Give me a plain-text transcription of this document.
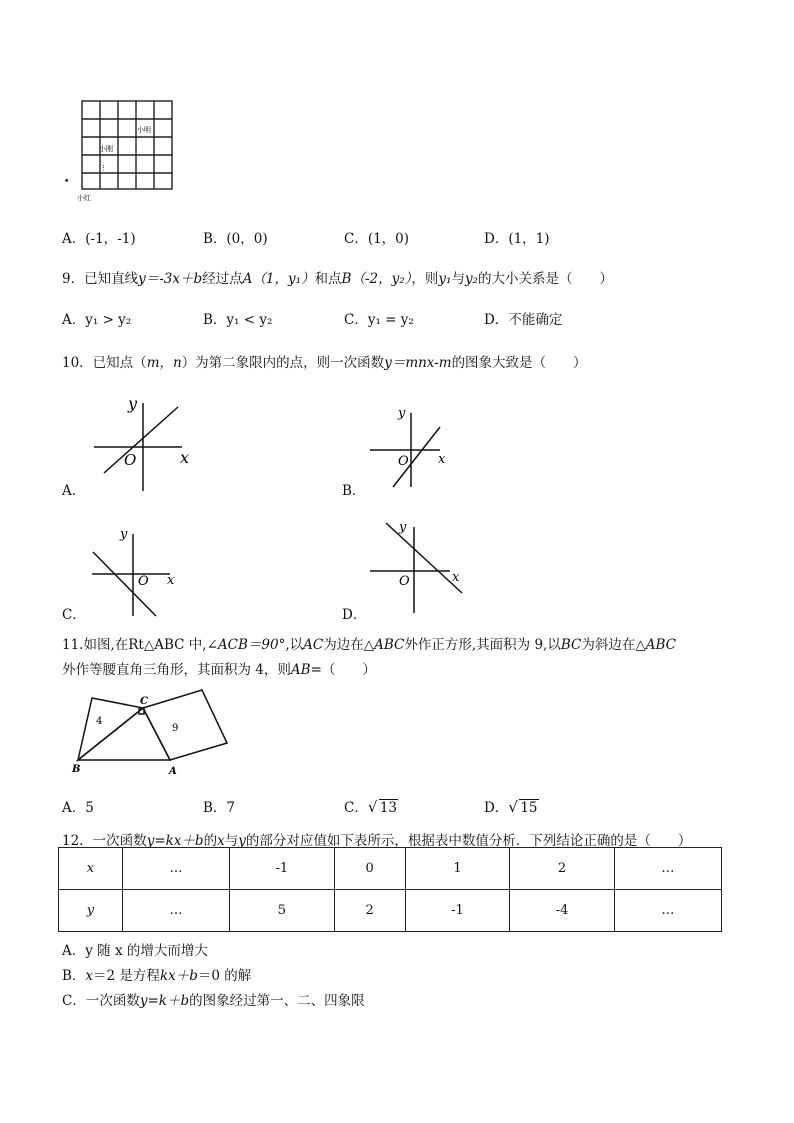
小明
小刚
小红
⋮
•
A．(-1，-1)	B．(0，0)	C．(1，0)	D．(1，1)
9．已知直线y＝-3x＋b经过点A（1，y₁）和点B（-2，y₂），则y₁与y₂的大小关系是（　　）
A．y₁ > y₂	B．y₁ < y₂	C．y₁ = y₂	D．不能确定
10．已知点（m，n）为第二象限内的点，则一次函数y＝mnx-m的图象大致是（　　）
y
x
O
A．
y
x
O
B．
y
x
O
C．
y
x
O
D．
11.如图,在Rt△ABC 中,∠ACB＝90°,以AC为边在△ABC外作正方形,其面积为 9,以BC为斜边在△ABC
外作等腰直角三角形，其面积为 4，则AB=（　　）
4
9
C
B	A
A．5	B．7	C． √ 13	D． √ 15
12．一次函数y=kx＋b的x与y的部分对应值如下表所示，根据表中数值分析．下列结论正确的是（　　）
x	…	-1	0	1	2	…
y	…	5	2	-1	-4	…
A．y 随 x 的增大而增大
B．x＝2 是方程kx＋b＝0 的解
C．一次函数y=k＋b的图象经过第一、二、四象限
